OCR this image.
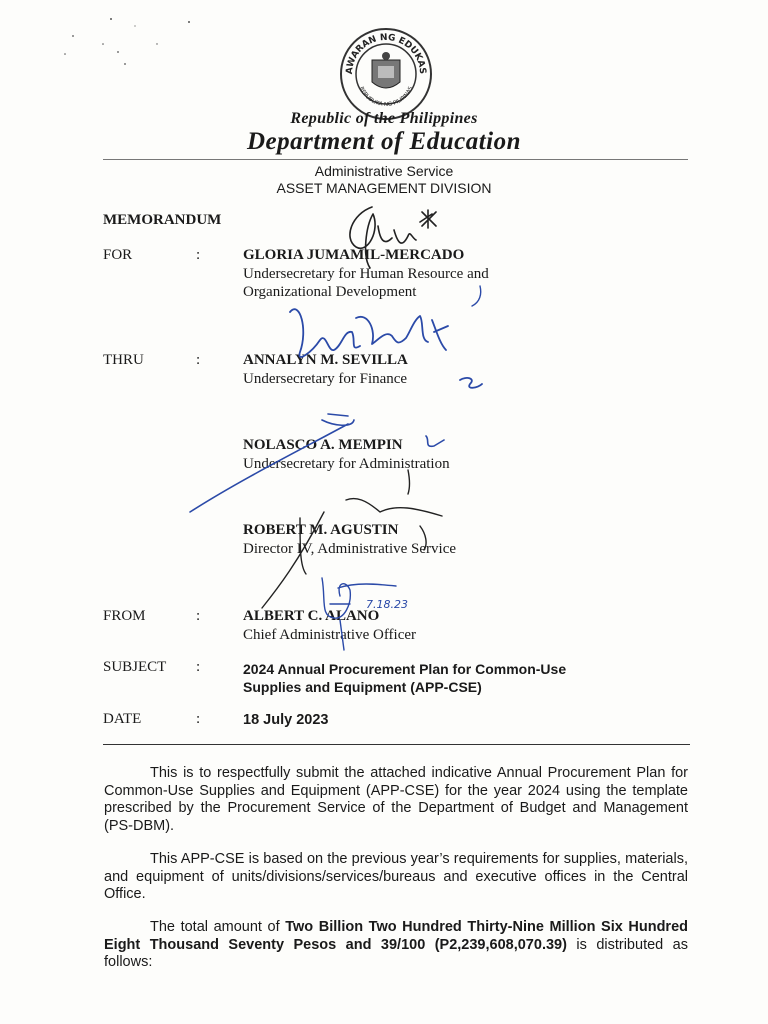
AWARAN NG EDUKAS
REPUBLIKA NG PILIPINAS
Republic of the Philippines
Department of Education
Administrative Service
ASSET MANAGEMENT DIVISION
MEMORANDUM
FOR	:	GLORIA JUMAMIL-MERCADO
Undersecretary for Human Resource and
Organizational Development
THRU	:	ANNALYN M. SEVILLA
Undersecretary for Finance
NOLASCO A. MEMPIN
Undersecretary for Administration
ROBERT M. AGUSTIN
Director IV, Administrative Service
FROM	:	ALBERT C. ALANO
Chief Administrative Officer
SUBJECT :	2024 Annual Procurement Plan for Common-Use
Supplies and Equipment (APP-CSE)
DATE	:	18 July 2023
This is to respectfully submit the attached indicative Annual Procurement Plan for Common-Use Supplies and Equipment (APP-CSE) for the year 2024 using the template prescribed by the Procurement Service of the Department of Budget and Management (PS-DBM).
This APP-CSE is based on the previous year’s requirements for supplies, materials, and equipment of units/divisions/services/bureaus and executive offices in the Central Office.
The total amount of Two Billion Two Hundred Thirty-Nine Million Six Hundred Eight Thousand Seventy Pesos and 39/100 (P2,239,608,070.39) is distributed as follows:
7.18.23
